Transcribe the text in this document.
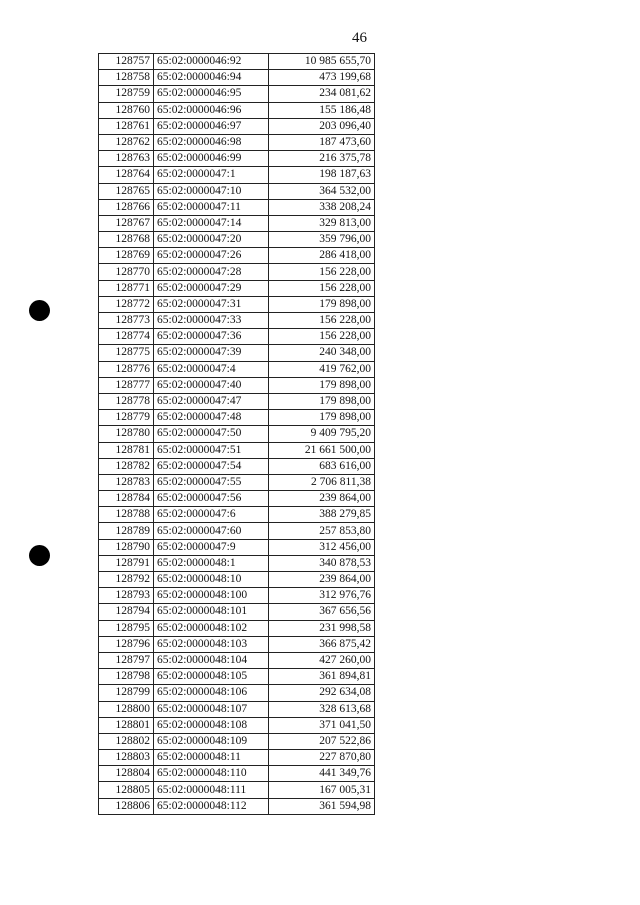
46
128757	65:02:0000046:92	10 985 655,70
128758	65:02:0000046:94	473 199,68
128759	65:02:0000046:95	234 081,62
128760	65:02:0000046:96	155 186,48
128761	65:02:0000046:97	203 096,40
128762	65:02:0000046:98	187 473,60
128763	65:02:0000046:99	216 375,78
128764	65:02:0000047:1	198 187,63
128765	65:02:0000047:10	364 532,00
128766	65:02:0000047:11	338 208,24
128767	65:02:0000047:14	329 813,00
128768	65:02:0000047:20	359 796,00
128769	65:02:0000047:26	286 418,00
128770	65:02:0000047:28	156 228,00
128771	65:02:0000047:29	156 228,00
128772	65:02:0000047:31	179 898,00
128773	65:02:0000047:33	156 228,00
128774	65:02:0000047:36	156 228,00
128775	65:02:0000047:39	240 348,00
128776	65:02:0000047:4	419 762,00
128777	65:02:0000047:40	179 898,00
128778	65:02:0000047:47	179 898,00
128779	65:02:0000047:48	179 898,00
128780	65:02:0000047:50	9 409 795,20
128781	65:02:0000047:51	21 661 500,00
128782	65:02:0000047:54	683 616,00
128783	65:02:0000047:55	2 706 811,38
128784	65:02:0000047:56	239 864,00
128788	65:02:0000047:6	388 279,85
128789	65:02:0000047:60	257 853,80
128790	65:02:0000047:9	312 456,00
128791	65:02:0000048:1	340 878,53
128792	65:02:0000048:10	239 864,00
128793	65:02:0000048:100	312 976,76
128794	65:02:0000048:101	367 656,56
128795	65:02:0000048:102	231 998,58
128796	65:02:0000048:103	366 875,42
128797	65:02:0000048:104	427 260,00
128798	65:02:0000048:105	361 894,81
128799	65:02:0000048:106	292 634,08
128800	65:02:0000048:107	328 613,68
128801	65:02:0000048:108	371 041,50
128802	65:02:0000048:109	207 522,86
128803	65:02:0000048:11	227 870,80
128804	65:02:0000048:110	441 349,76
128805	65:02:0000048:111	167 005,31
128806	65:02:0000048:112	361 594,98
